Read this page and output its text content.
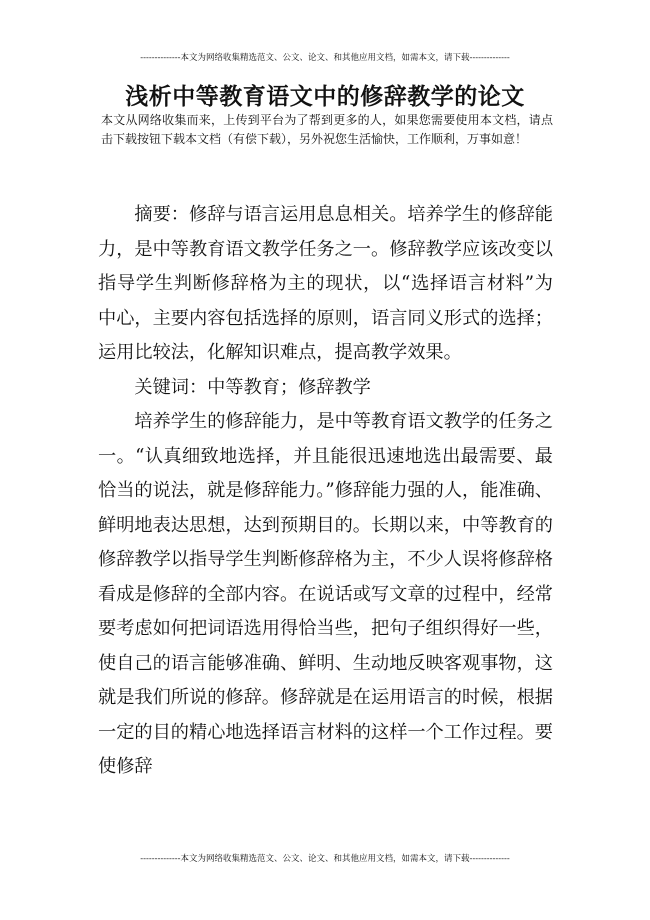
--------------本文为网络收集精选范文、公文、论文、和其他应用文档，如需本文，请下载--------------
浅析中等教育语文中的修辞教学的论文
本文从网络收集而来，上传到平台为了帮到更多的人，如果您需要使用本文档，请点击下载按钮下载本文档（有偿下载），另外祝您生活愉快，工作顺利，万事如意！

摘要：修辞与语言运用息息相关。培养学生的修辞能力，是中等教育语文教学任务之一。修辞教学应该改变以指导学生判断修辞格为主的现状，以“选择语言材料”为中心，主要内容包括选择的原则，语言同义形式的选择；运用比较法，化解知识难点，提高教学效果。

关键词：中等教育；修辞教学

培养学生的修辞能力，是中等教育语文教学的任务之一。“认真细致地选择，并且能很迅速地选出最需要、最恰当的说法，就是修辞能力。”修辞能力强的人，能准确、鲜明地表达思想，达到预期目的。长期以来，中等教育的修辞教学以指导学生判断修辞格为主，不少人误将修辞格看成是修辞的全部内容。在说话或写文章的过程中，经常要考虑如何把词语选用得恰当些，把句子组织得好一些，使自己的语言能够准确、鲜明、生动地反映客观事物，这就是我们所说的修辞。修辞就是在运用语言的时候，根据一定的目的精心地选择语言材料的这样一个工作过程。要使修辞

--------------本文为网络收集精选范文、公文、论文、和其他应用文档，如需本文，请下载--------------
